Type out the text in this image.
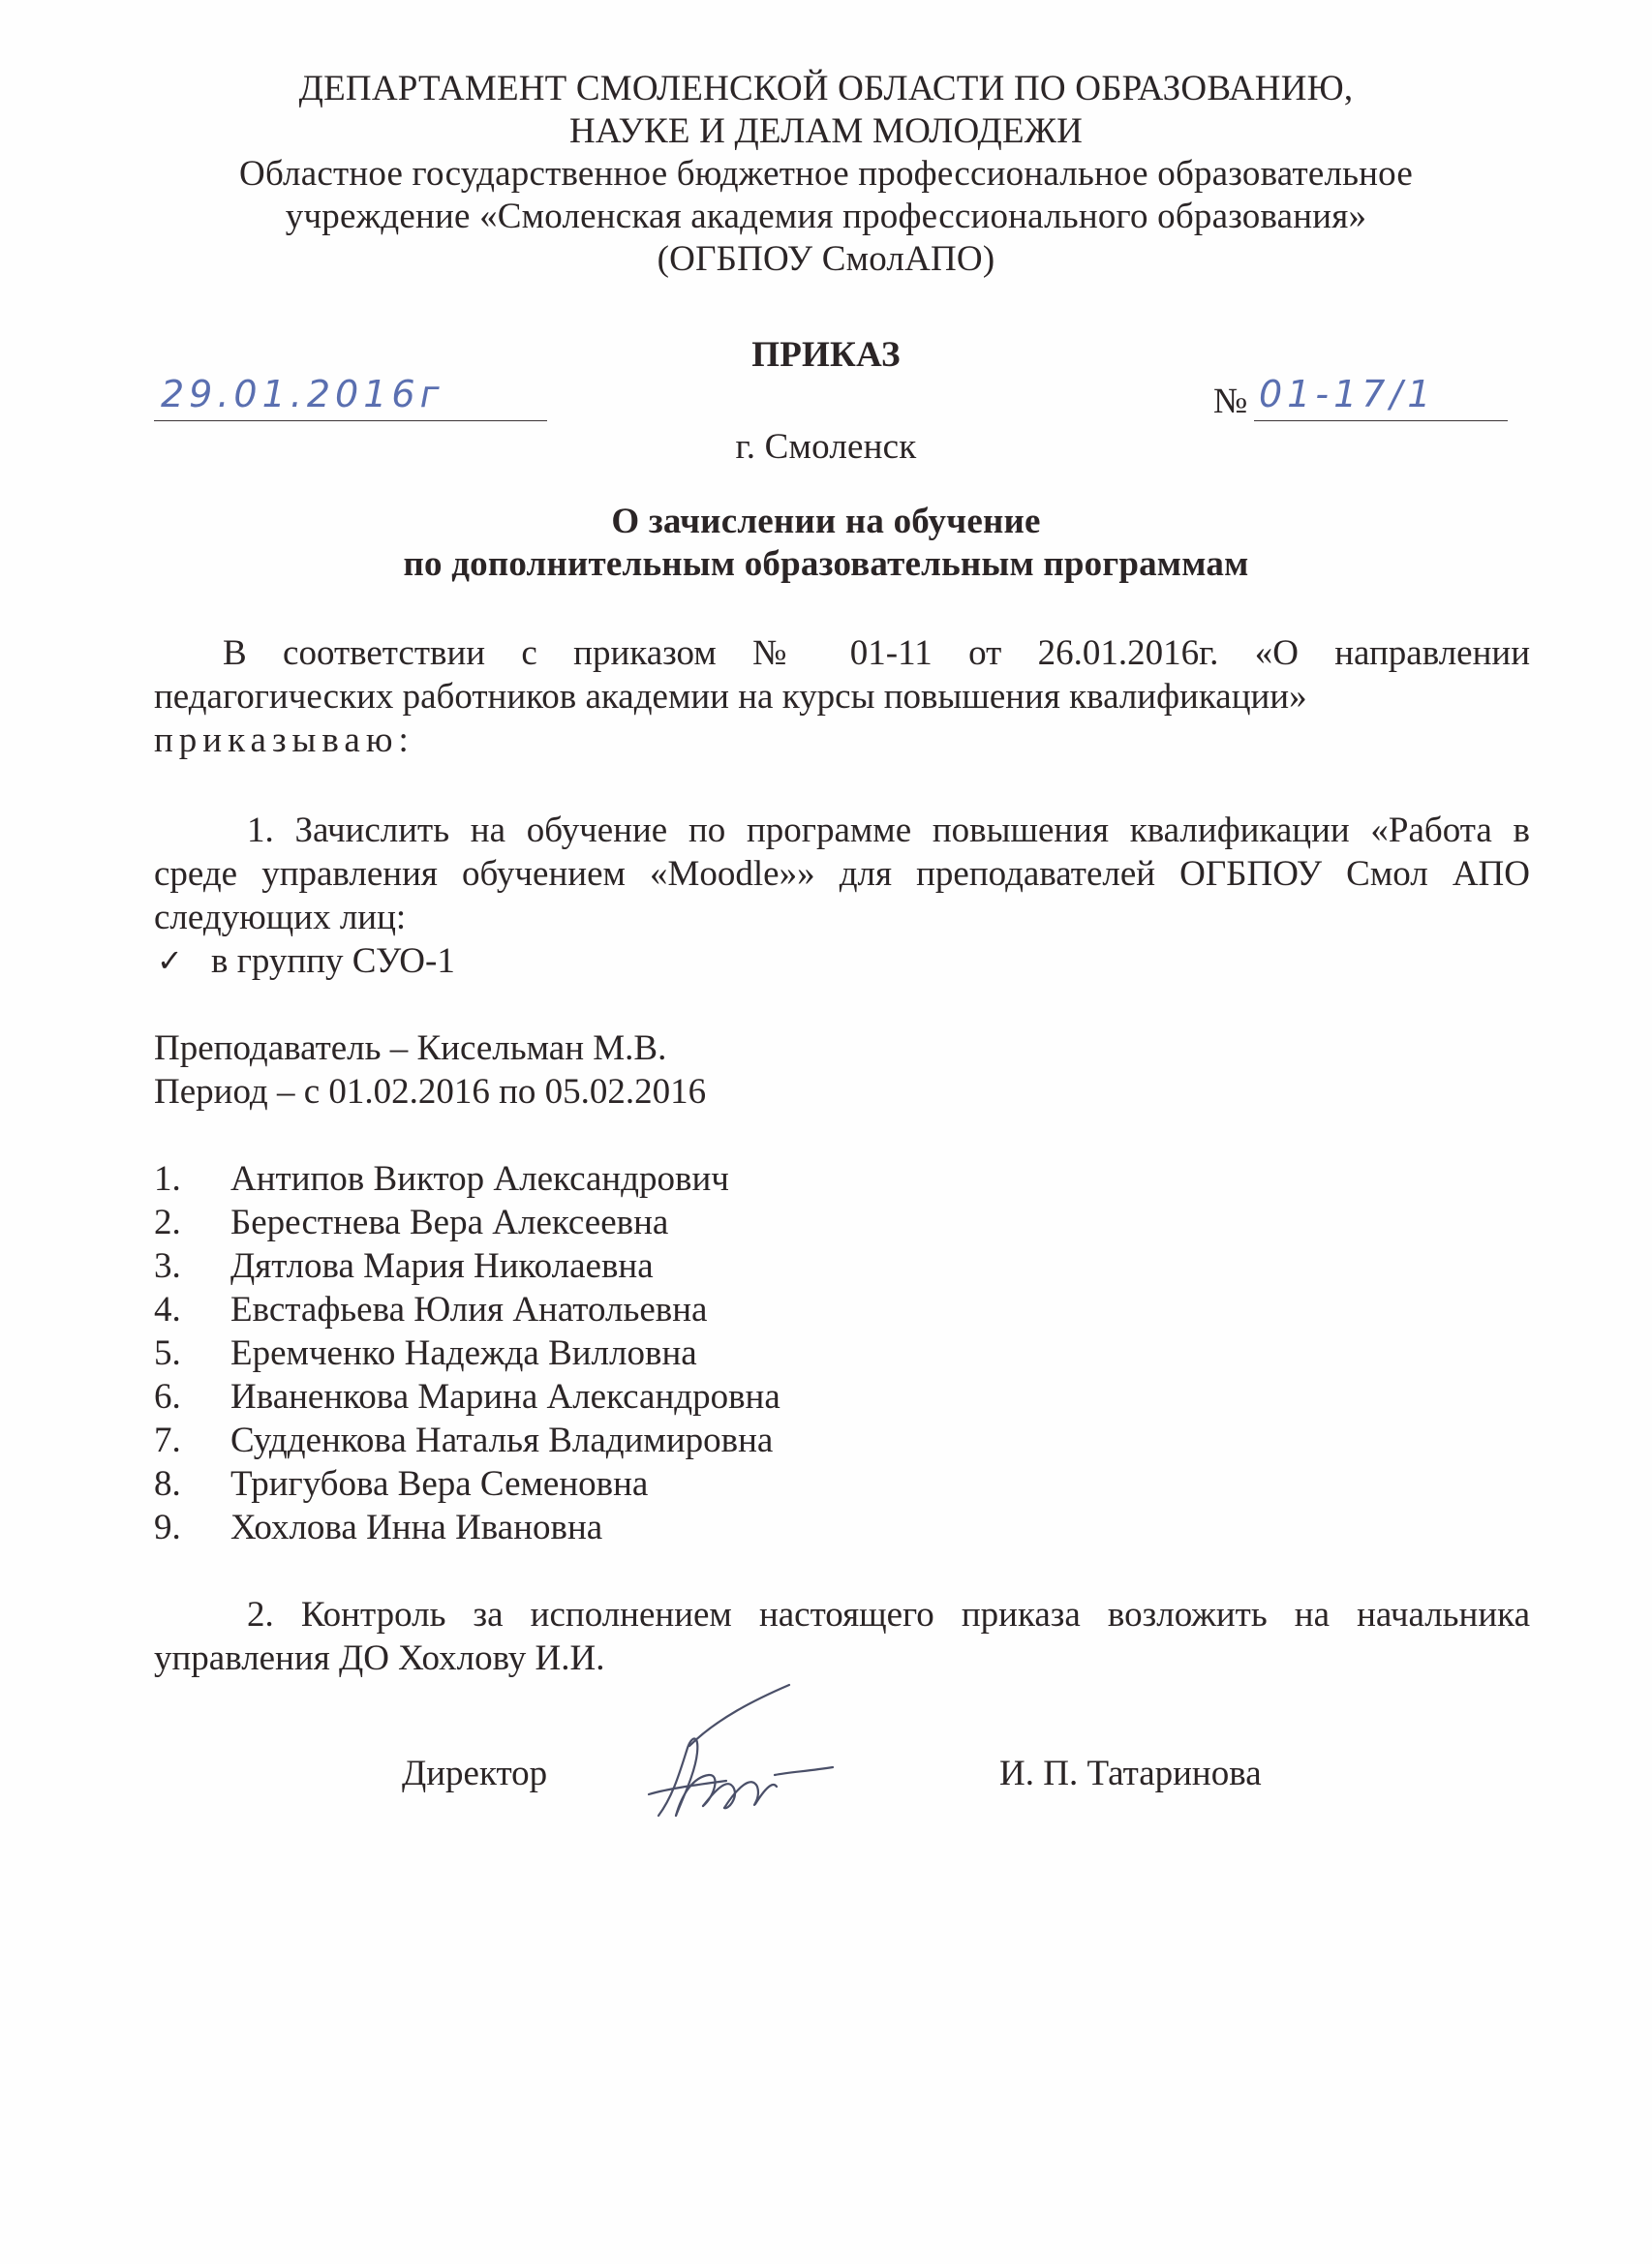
ДЕПАРТАМЕНТ СМОЛЕНСКОЙ ОБЛАСТИ ПО ОБРАЗОВАНИЮ,
НАУКЕ И ДЕЛАМ МОЛОДЕЖИ
Областное государственное бюджетное профессиональное образовательное
учреждение «Смоленская академия профессионального образования»
(ОГБПОУ СмолАПО)
ПРИКАЗ
29.01.2016г	№ 01-17/1
г. Смоленск
О зачислении на обучение
по дополнительным образовательным программам
В соответствии с приказом № 01-11 от 26.01.2016г. «О направлении
педагогических работников академии на курсы повышения квалификации»
приказываю:
1. Зачислить на обучение по программе повышения квалификации «Работа в
среде управления обучением «Moodle»» для преподавателей ОГБПОУ Смол АПО
следующих лиц:
✓ в группу СУО-1
Преподаватель – Кисельман М.В.
Период – с 01.02.2016 по 05.02.2016
1. Антипов Виктор Александрович
2. Берестнева Вера Алексеевна
3. Дятлова Мария Николаевна
4. Евстафьева Юлия Анатольевна
5. Еремченко Надежда Вилловна
6. Иваненкова Марина Александровна
7. Судденкова Наталья Владимировна
8. Тригубова Вера Семеновна
9. Хохлова Инна Ивановна
2. Контроль за исполнением настоящего приказа возложить на начальника
управления ДО Хохлову И.И.
Директор	И. П. Татаринова
